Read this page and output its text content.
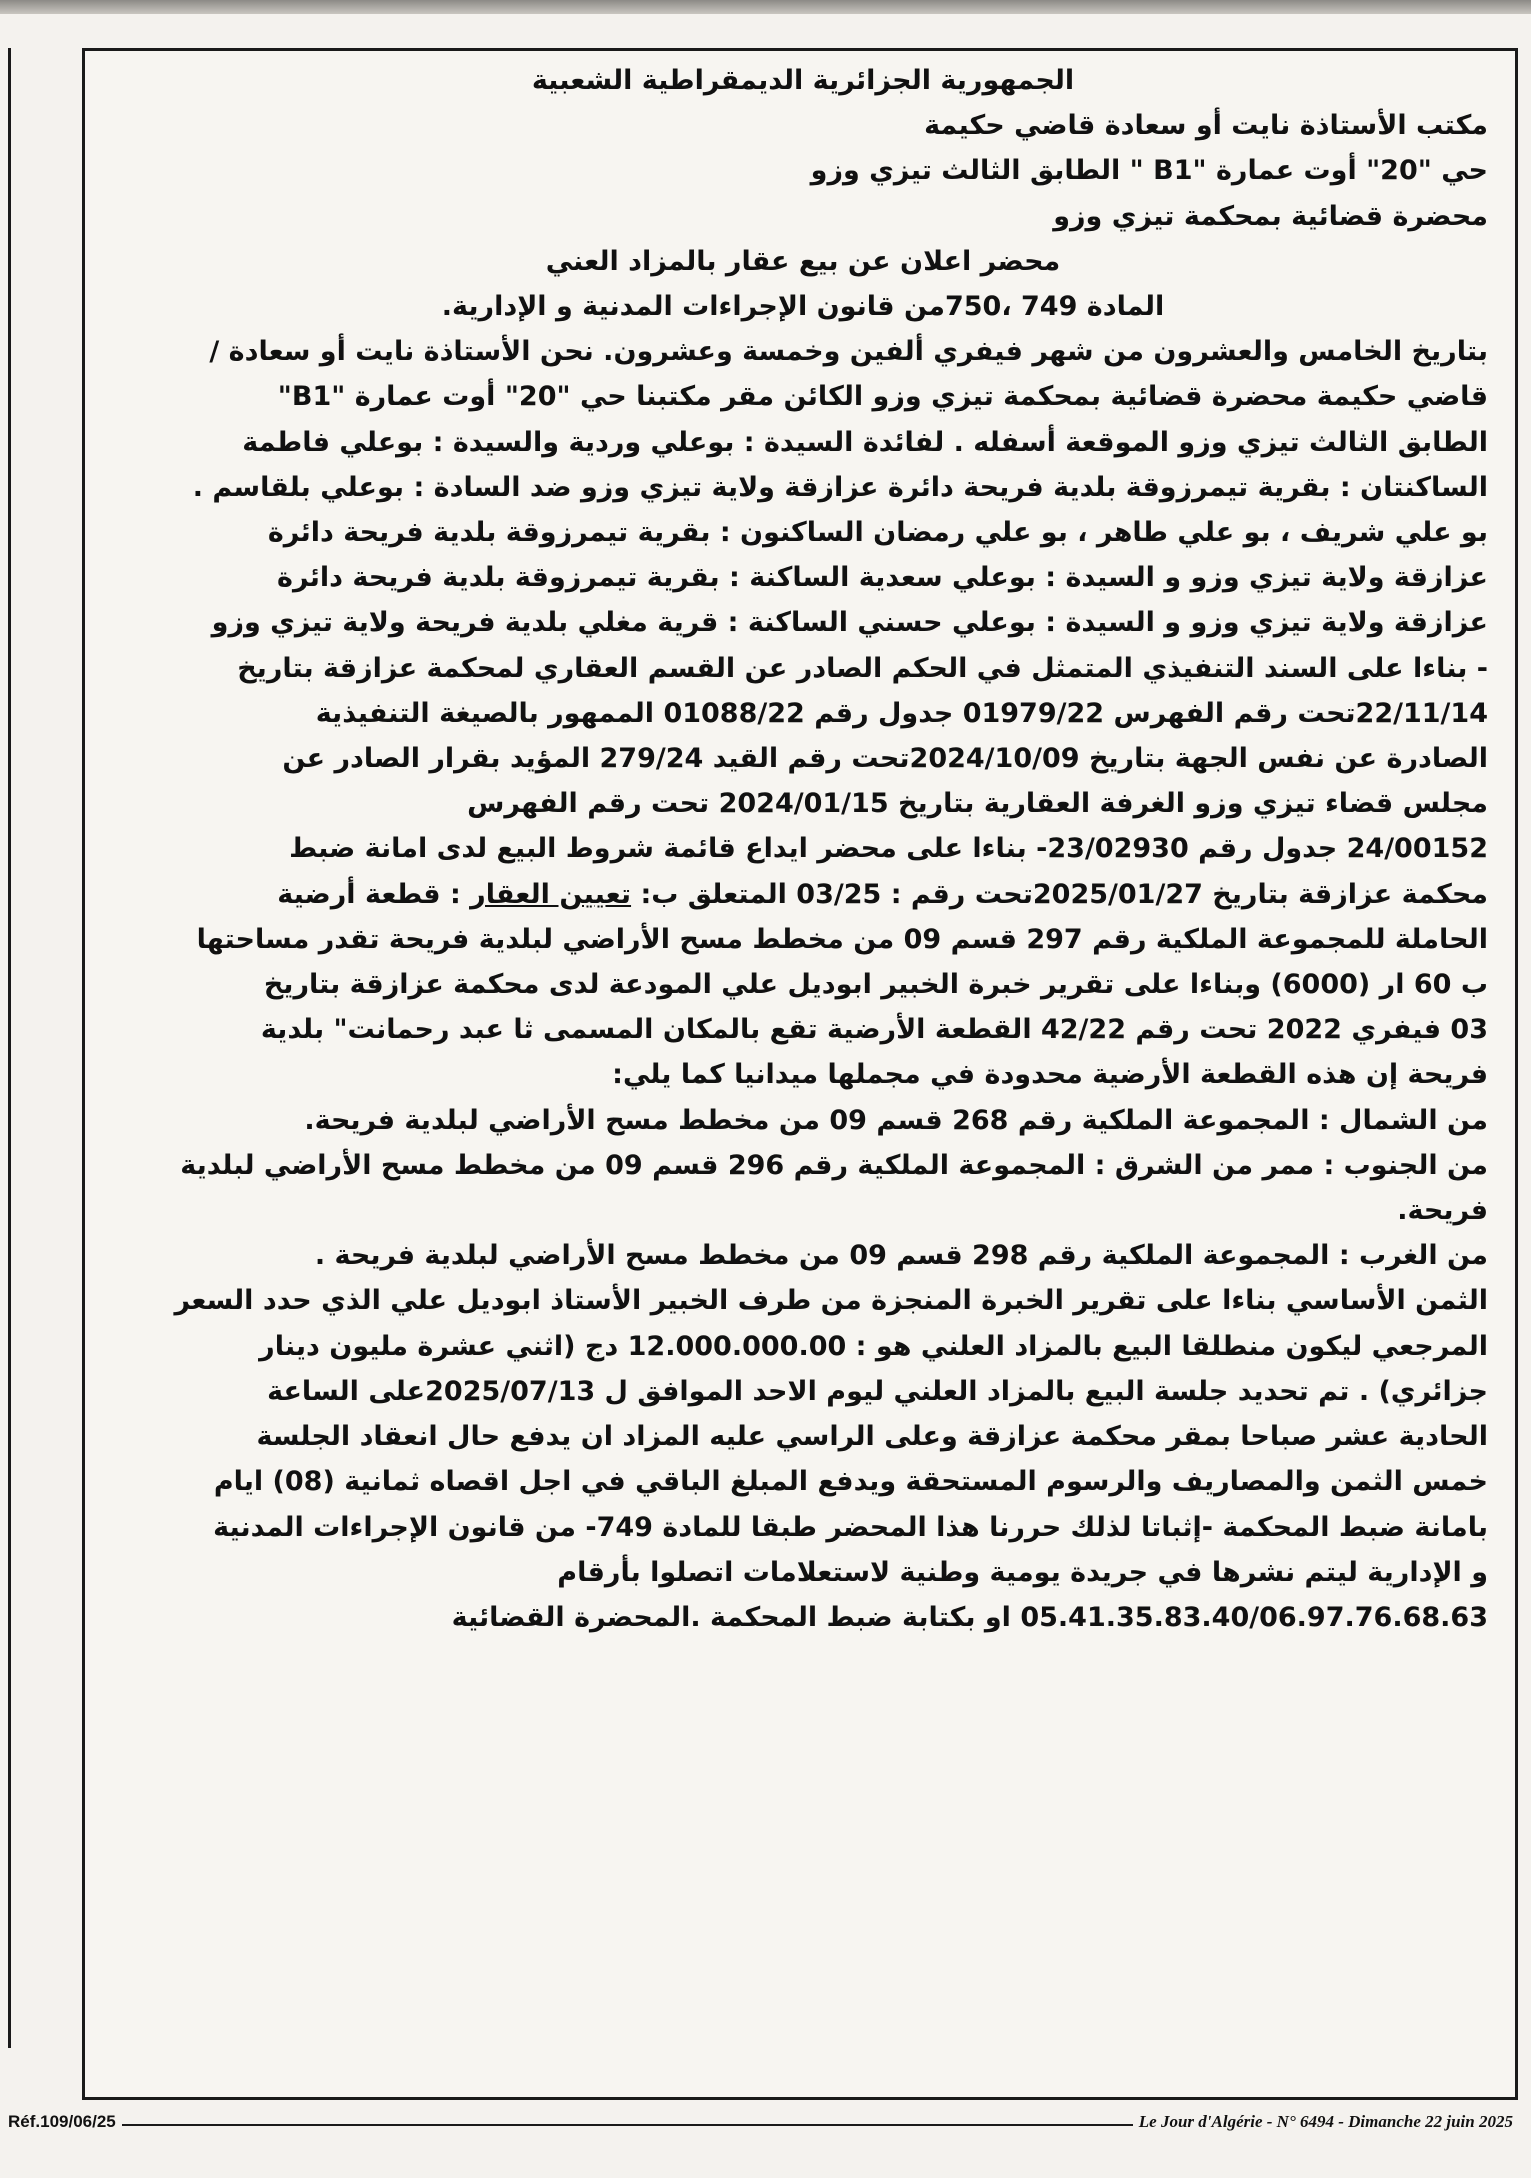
الجمهورية الجزائرية الديمقراطية الشعبية

مكتب الأستاذة نايت أو سعادة قاضي حكيمة

حي "20" أوت عمارة "B1 " الطابق الثالث تيزي وزو

محضرة قضائية بمحكمة تيزي وزو

محضر اعلان عن بيع عقار بالمزاد العني

المادة 749 ،750من قانون الإجراءات المدنية و الإدارية.

بتاريخ الخامس والعشرون من شهر فيفري ألفين وخمسة وعشرون. نحن الأستاذة نايت أو سعادة /

قاضي حكيمة محضرة قضائية بمحكمة تيزي وزو الكائن مقر مكتبنا حي "20" أوت عمارة "B1"

الطابق الثالث تيزي وزو الموقعة أسفله . لفائدة السيدة : بوعلي وردية والسيدة : بوعلي فاطمة

الساكنتان : بقرية تيمرزوقة بلدية فريحة دائرة عزازقة ولاية تيزي وزو ضد السادة : بوعلي بلقاسم .

بو علي شريف ، بو علي طاهر ، بو علي رمضان الساكنون : بقرية تيمرزوقة بلدية فريحة دائرة

عزازقة ولاية تيزي وزو و السيدة : بوعلي سعدية الساكنة : بقرية تيمرزوقة بلدية فريحة دائرة

عزازقة ولاية تيزي وزو و السيدة : بوعلي حسني الساكنة : قرية مغلي بلدية فريحة ولاية تيزي وزو

- بناءا على السند التنفيذي المتمثل في الحكم الصادر عن القسم العقاري لمحكمة عزازقة بتاريخ

22/11/14تحت رقم الفهرس 01979/22 جدول رقم 01088/22 الممهور بالصيغة التنفيذية

الصادرة عن نفس الجهة بتاريخ 2024/10/09تحت رقم القيد 279/24 المؤيد بقرار الصادر عن

مجلس قضاء تيزي وزو الغرفة العقارية بتاريخ 2024/01/15 تحت رقم الفهرس

24/00152 جدول رقم 23/02930- بناءا على محضر ايداع قائمة شروط البيع لدى امانة ضبط

محكمة عزازقة بتاريخ 2025/01/27تحت رقم : 03/25 المتعلق ب: تعيين العقار : قطعة أرضية

الحاملة للمجموعة الملكية رقم 297 قسم 09 من مخطط مسح الأراضي لبلدية فريحة تقدر مساحتها

ب 60 ار (6000) وبناءا على تقرير خبرة الخبير ابوديل علي المودعة لدى محكمة عزازقة بتاريخ

03 فيفري 2022 تحت رقم 42/22 القطعة الأرضية تقع بالمكان المسمى ثا عبد رحمانت" بلدية

فريحة إن هذه القطعة الأرضية محدودة في مجملها ميدانيا كما يلي:

من الشمال : المجموعة الملكية رقم 268 قسم 09 من مخطط مسح الأراضي لبلدية فريحة.

من الجنوب : ممر من الشرق : المجموعة الملكية رقم 296 قسم 09 من مخطط مسح الأراضي لبلدية

فريحة.

من الغرب : المجموعة الملكية رقم 298 قسم 09 من مخطط مسح الأراضي لبلدية فريحة .

الثمن الأساسي بناءا على تقرير الخبرة المنجزة من طرف الخبير الأستاذ ابوديل علي الذي حدد السعر

المرجعي ليكون منطلقا البيع بالمزاد العلني هو : 12.000.000.00 دج (اثني عشرة مليون دينار

جزائري) . تم تحديد جلسة البيع بالمزاد العلني ليوم الاحد الموافق ل 2025/07/13على الساعة

الحادية عشر صباحا بمقر محكمة عزازقة وعلى الراسي عليه المزاد ان يدفع حال انعقاد الجلسة

خمس الثمن والمصاريف والرسوم المستحقة ويدفع المبلغ الباقي في اجل اقصاه ثمانية (08) ايام

بامانة ضبط المحكمة -إثباتا لذلك حررنا هذا المحضر طبقا للمادة 749- من قانون الإجراءات المدنية

و الإدارية ليتم نشرها في جريدة يومية وطنية لاستعلامات اتصلوا بأرقام

05.41.35.83.40/06.97.76.68.63 او بكتابة ضبط المحكمة .المحضرة القضائية

Réf.109/06/25	Le Jour d'Algérie - N° 6494 - Dimanche 22 juin 2025
